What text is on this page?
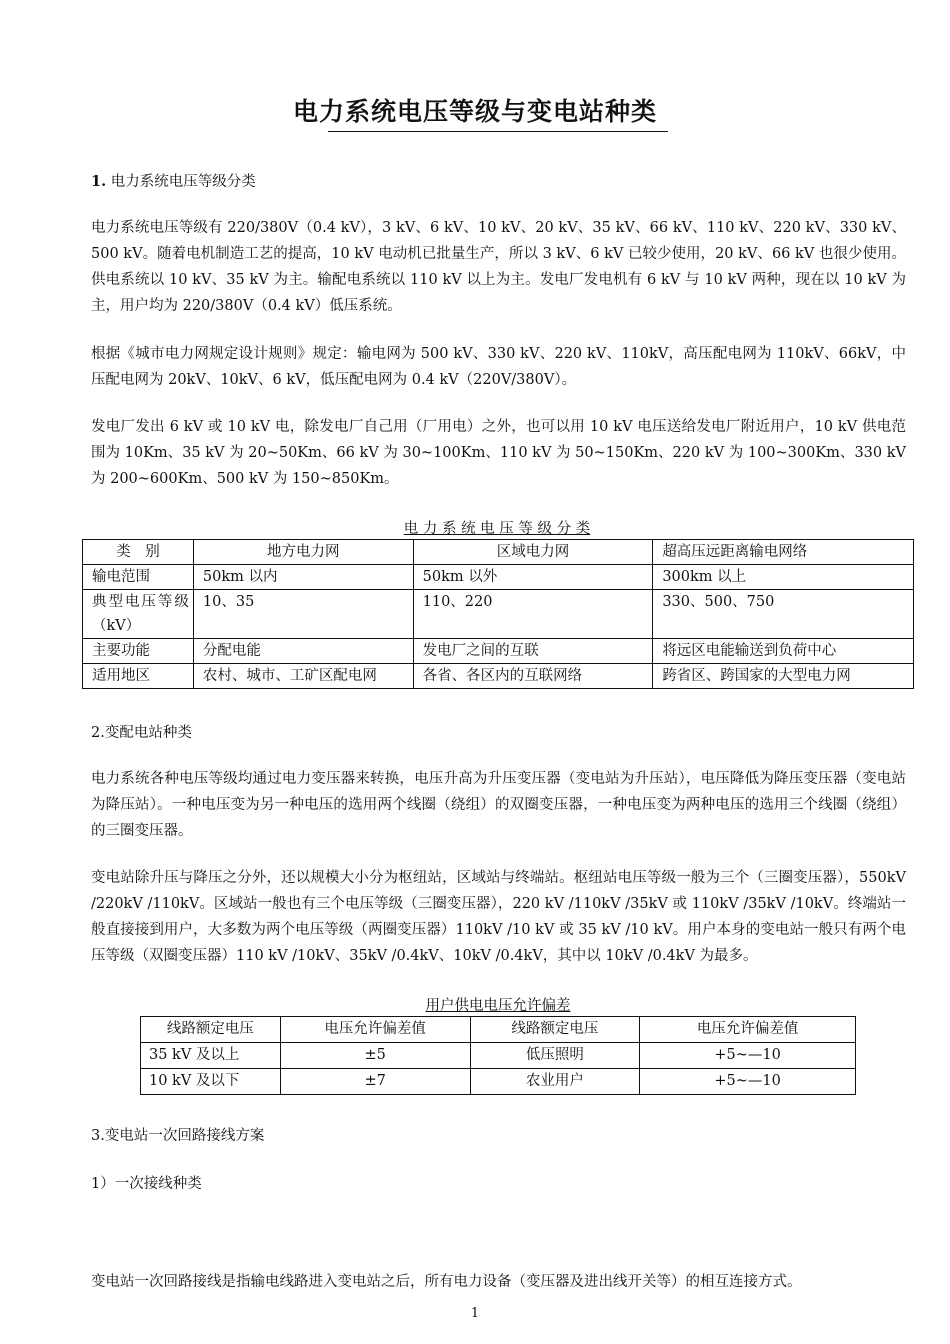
电力系统电压等级与变电站种类
1. 电力系统电压等级分类
电力系统电压等级有 220/380V（0.4 kV），3 kV、6 kV、10 kV、20 kV、35 kV、66 kV、110 kV、220 kV、330 kV、500 kV。随着电机制造工艺的提高，10 kV 电动机已批量生产，所以 3 kV、6 kV 已较少使用，20 kV、66 kV 也很少使用。供电系统以 10 kV、35 kV 为主。输配电系统以 110 kV 以上为主。发电厂发电机有 6 kV 与 10 kV 两种，现在以 10 kV 为主，用户均为 220/380V（0.4 kV）低压系统。
根据《城市电力网规定设计规则》规定：输电网为 500 kV、330 kV、220 kV、110kV，高压配电网为 110kV、66kV，中压配电网为 20kV、10kV、6 kV，低压配电网为 0.4 kV（220V/380V）。
发电厂发出 6 kV 或 10 kV 电，除发电厂自己用（厂用电）之外，也可以用 10 kV 电压送给发电厂附近用户，10 kV 供电范围为 10Km、35 kV 为 20~50Km、66 kV 为 30~100Km、110 kV 为 50~150Km、220 kV 为 100~300Km、330 kV 为 200~600Km、500 kV 为 150~850Km。
电 力 系 统 电 压 等 级 分 类
类　别	地方电力网	区域电力网	超高压远距离输电网络
输电范围	50km 以内	50km 以外	300km 以上
典型电压等级（kV）	10、35	110、220	330、500、750
主要功能	分配电能	发电厂之间的互联	将远区电能输送到负荷中心
适用地区	农村、城市、工矿区配电网	各省、各区内的互联网络	跨省区、跨国家的大型电力网
2.变配电站种类
电力系统各种电压等级均通过电力变压器来转换，电压升高为升压变压器（变电站为升压站），电压降低为降压变压器（变电站为降压站）。一种电压变为另一种电压的选用两个线圈（绕组）的双圈变压器，一种电压变为两种电压的选用三个线圈（绕组）的三圈变压器。
变电站除升压与降压之分外，还以规模大小分为枢纽站，区域站与终端站。枢纽站电压等级一般为三个（三圈变压器），550kV /220kV /110kV。区域站一般也有三个电压等级（三圈变压器），220 kV /110kV /35kV 或 110kV /35kV /10kV。终端站一般直接接到用户，大多数为两个电压等级（两圈变压器）110kV /10 kV 或 35 kV /10 kV。用户本身的变电站一般只有两个电压等级（双圈变压器）110 kV /10kV、35kV /0.4kV、10kV /0.4kV，其中以 10kV /0.4kV 为最多。
用户供电电压允许偏差
线路额定电压	电压允许偏差值	线路额定电压	电压允许偏差值
35 kV 及以上	±5	低压照明	+5~—10
10 kV 及以下	±7	农业用户	+5~—10
3.变电站一次回路接线方案
1）一次接线种类
变电站一次回路接线是指输电线路进入变电站之后，所有电力设备（变压器及进出线开关等）的相互连接方式。
1
